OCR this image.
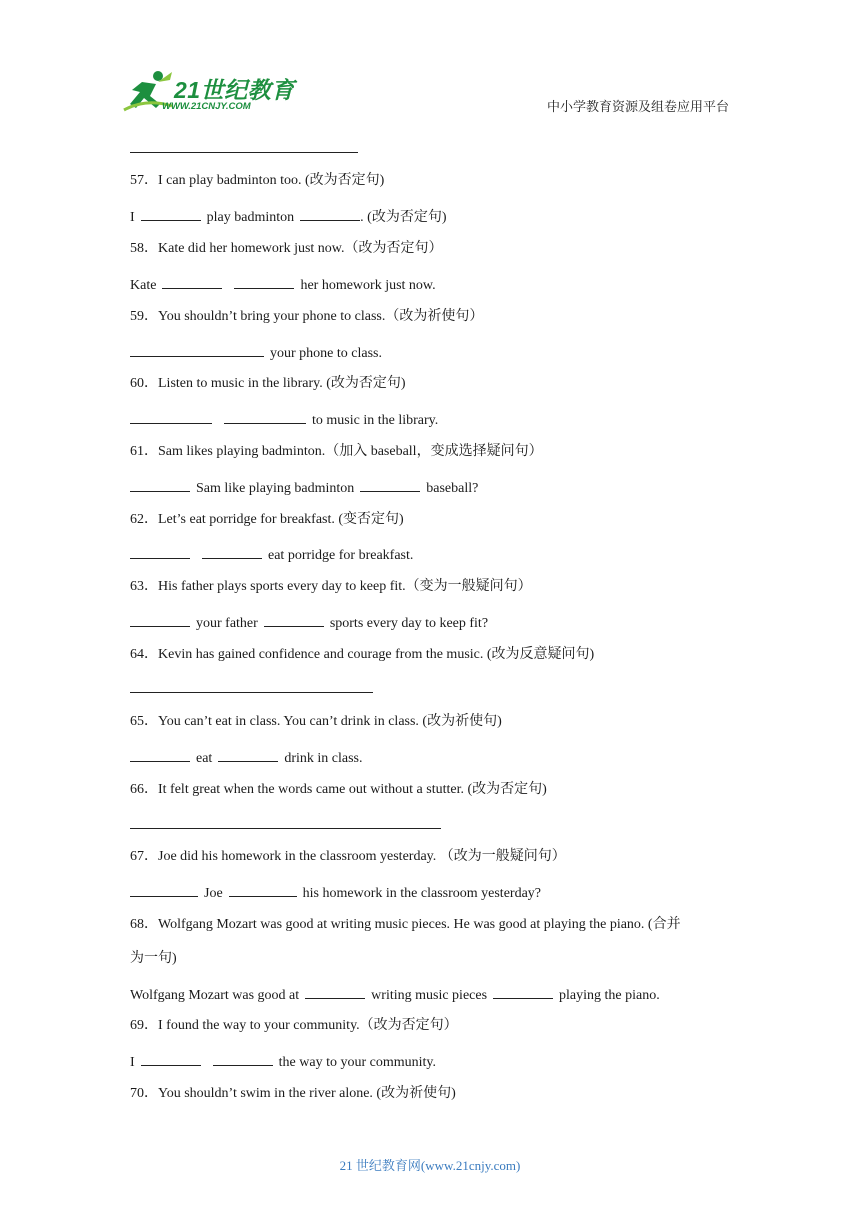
21世纪教育
WWW.21CNJY.COM	中小学教育资源及组卷应用平台
57．I can play badminton too. (改为否定句)
I	play badminton	. (改为否定句)
58．Kate did her homework just now.（改为否定句）
Kate	her homework just now.
59．You shouldn’t bring your phone to class.（改为祈使句）
your phone to class.
60．Listen to music in the library. (改为否定句)
to music in the library.
61．Sam likes playing badminton.（加入 baseball，变成选择疑问句）
Sam like playing badminton	baseball?
62．Let’s eat porridge for breakfast. (变否定句)
eat porridge for breakfast.
63．His father plays sports every day to keep fit.（变为一般疑问句）
your father	sports every day to keep fit?
64．Kevin has gained confidence and courage from the music. (改为反意疑问句)
65．You can’t eat in class. You can’t drink in class. (改为祈使句)
eat	drink in class.
66．It felt great when the words came out without a stutter. (改为否定句)
67．Joe did his homework in the classroom yesterday. （改为一般疑问句）
Joe	his homework in the classroom yesterday?
68．Wolfgang Mozart was good at writing music pieces. He was good at playing the piano. (合并
为一句)
Wolfgang Mozart was good at	writing music pieces	playing the piano.
69．I found the way to your community.（改为否定句）
I	the way to your community.
70．You shouldn’t swim in the river alone. (改为祈使句)
21 世纪教育网(www.21cnjy.com)
